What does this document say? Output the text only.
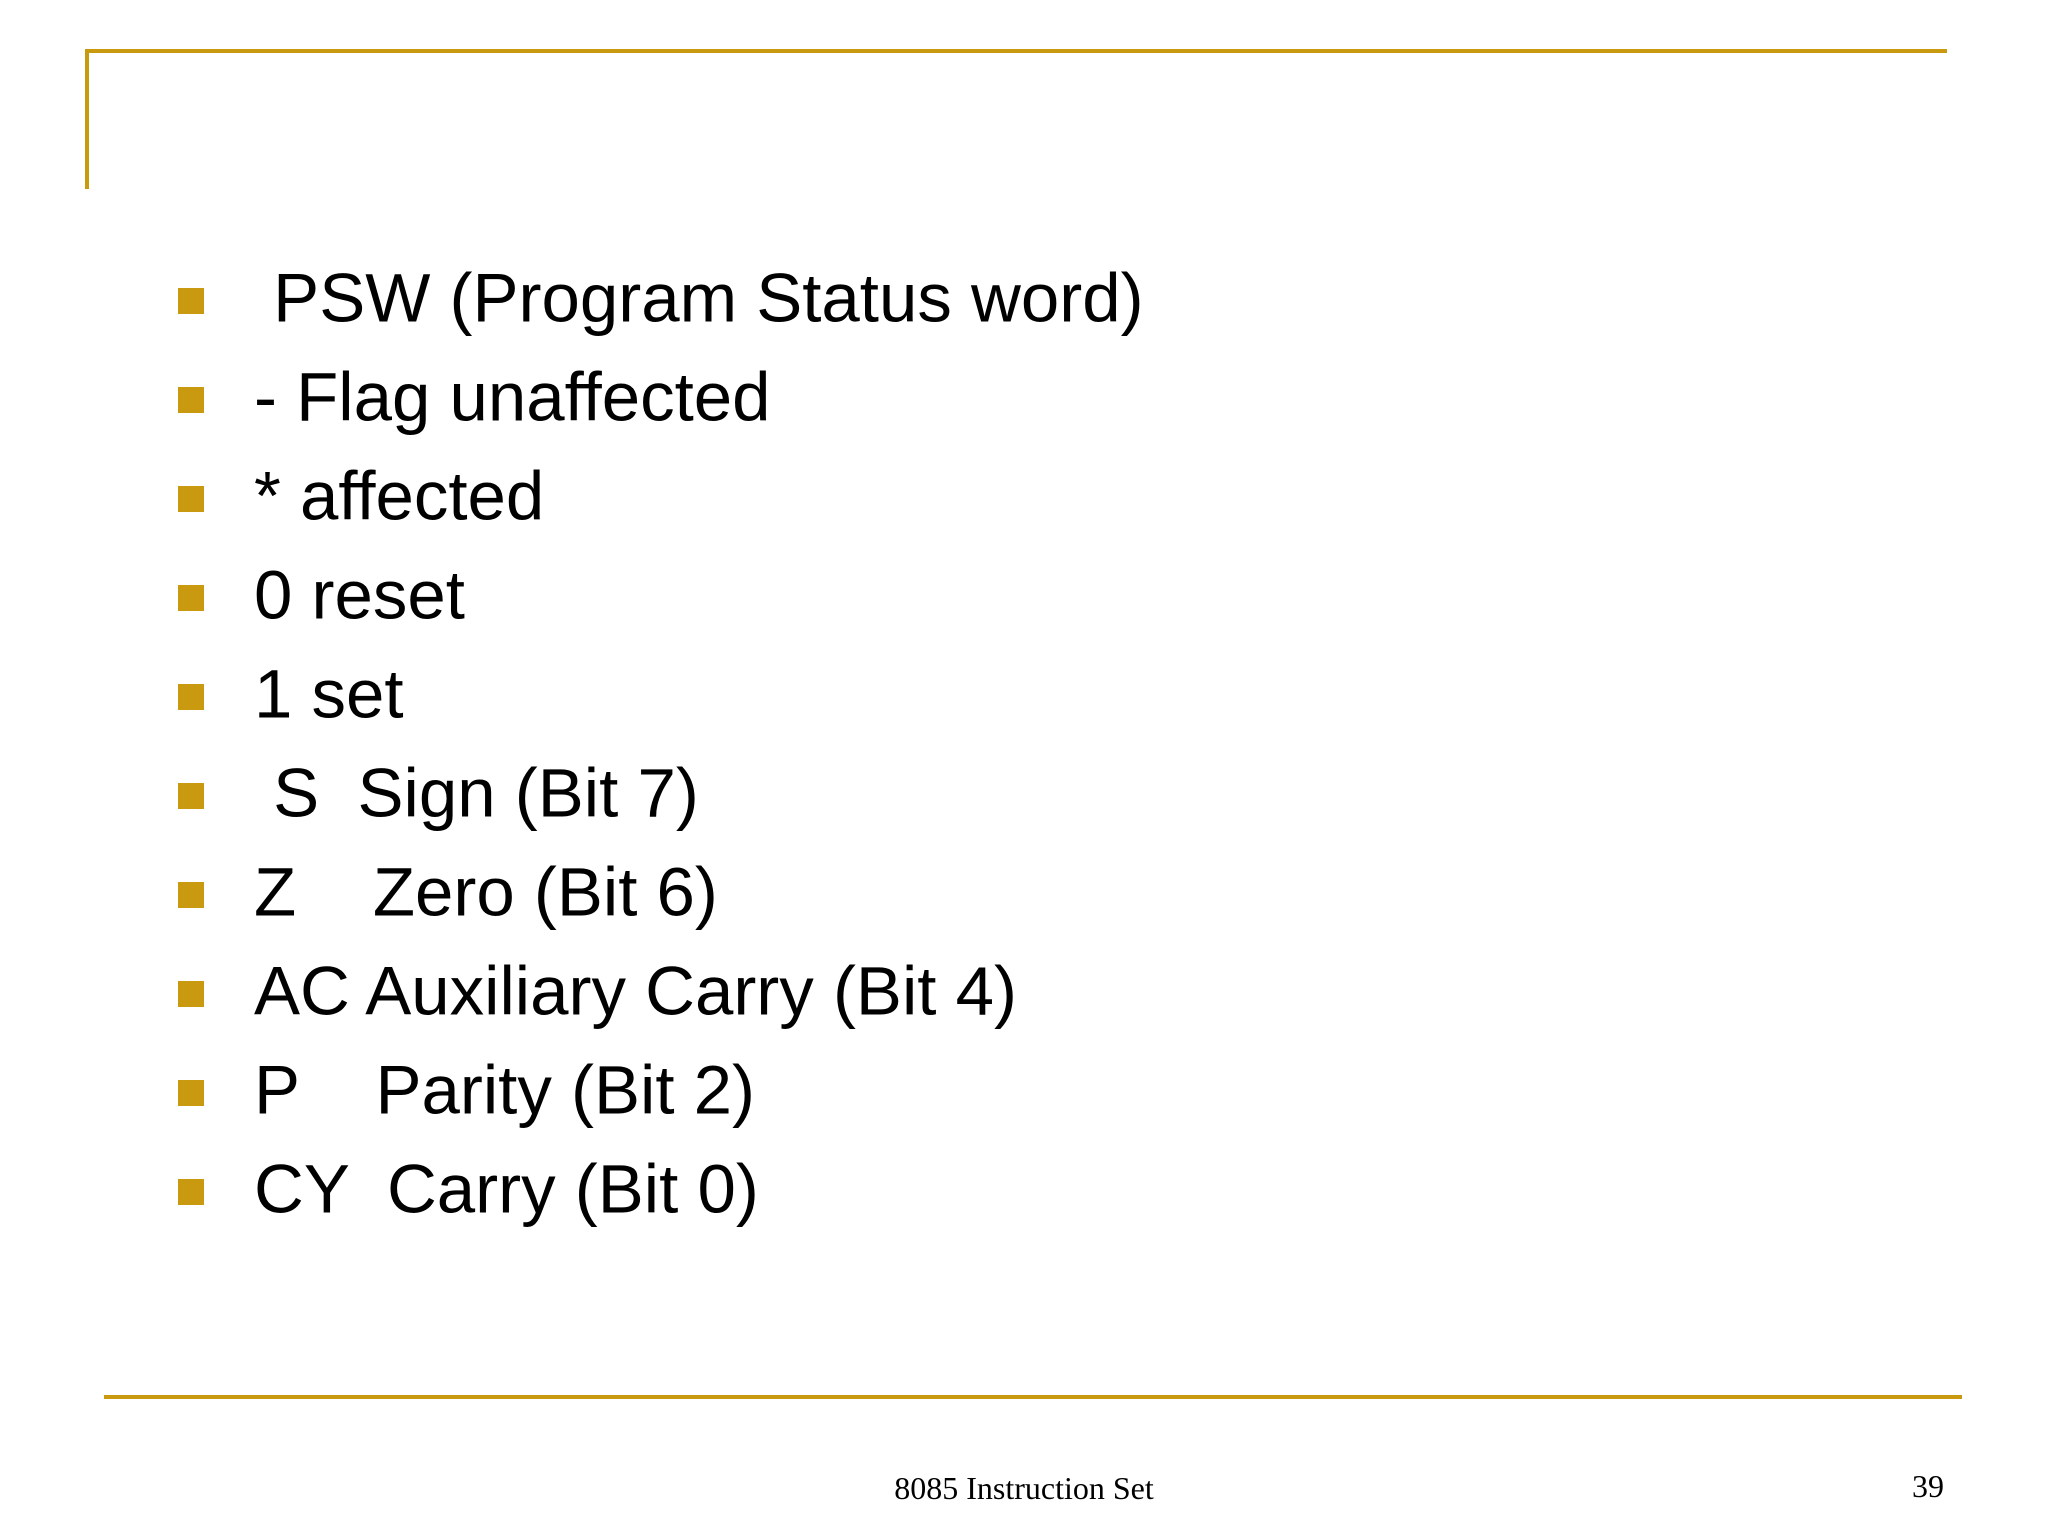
PSW (Program Status word)
- Flag unaffected
* affected
0 reset
1 set
S  Sign (Bit 7)
Z    Zero (Bit 6)
AC Auxiliary Carry (Bit 4)
P    Parity (Bit 2)
CY  Carry (Bit 0)
8085 Instruction Set	39
